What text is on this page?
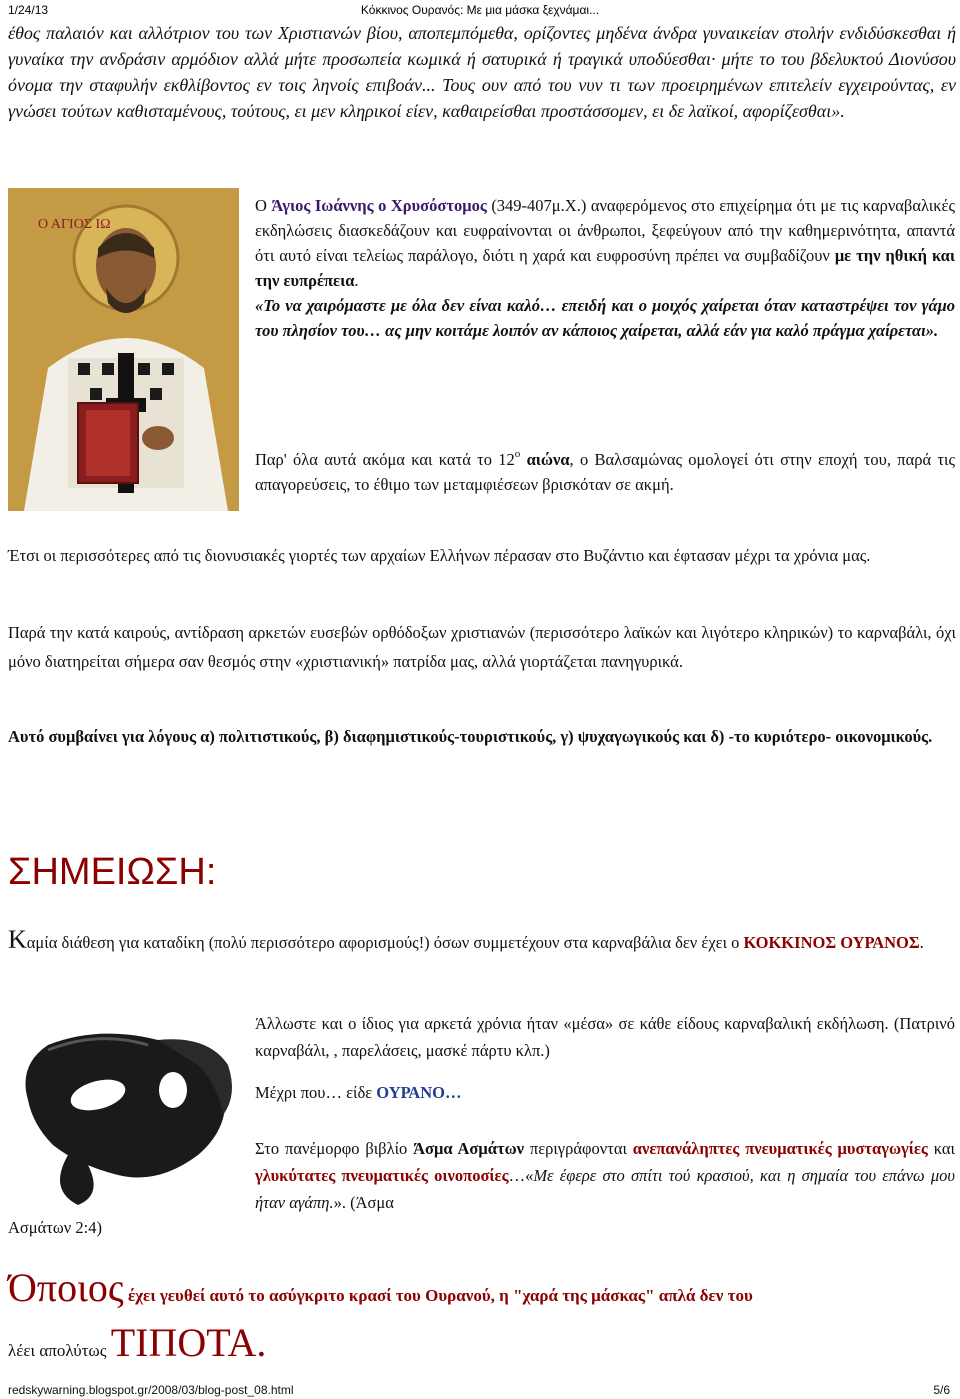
1/24/13	Κόκκινος Ουρανός: Με μια μάσκα ξεχνάμαι...
έθος παλαιόν και αλλότριον του των Χριστιανών βίου, αποπεμπόμεθα, ορίζοντες μηδένα άνδρα γυναικείαν στολήν ενδιδύσκεσθαι ή γυναίκα την ανδράσιν αρμόδιον αλλά μήτε προσωπεία κωμικά ή σατυρικά ή τραγικά υποδύεσθαι· μήτε το του βδελυκτού Διονύσου όνομα την σταφυλήν εκθλίβοντος εν τοις ληνοίς επιβοάν... Τους ουν από του νυν τι των προειρημένων επιτελείν εγχειρούντας, εν γνώσει τούτων καθισταμένους, τούτους, ει μεν κληρικοί είεν, καθαιρείσθαι προστάσσομεν, ει δε λαϊκοί, αφορίζεσθαι».
Ο ΑΓΙΟΣ ΙΩ
Ο Άγιος Ιωάννης ο Χρυσόστομος (349-407μ.Χ.) αναφερόμενος στο επιχείρημα ότι με τις καρναβαλικές εκδηλώσεις διασκεδάζουν και ευφραίνονται οι άνθρωποι, ξεφεύγουν από την καθημερινότητα, απαντά ότι αυτό είναι τελείως παράλογο, διότι η χαρά και ευφροσύνη πρέπει να συμβαδίζουν με την ηθική και την ευπρέπεια.
«Το να χαιρόμαστε με όλα δεν είναι καλό… επειδή και ο μοιχός χαίρεται όταν καταστρέψει τον γάμο του πλησίον του… ας μην κοιτάμε λοιπόν αν κάποιος χαίρεται, αλλά εάν για καλό πράγμα χαίρεται».
Παρ' όλα αυτά ακόμα και κατά το $12^o$ αιώνα, ο Βαλσαμώνας ομολογεί ότι στην εποχή του, παρά τις απαγορεύσεις, το έθιμο των μεταμφιέσεων βρισκόταν σε ακμή.
Έτσι οι περισσότερες από τις διονυσιακές γιορτές των αρχαίων Ελλήνων πέρασαν στο Βυζάντιο και έφτασαν μέχρι τα χρόνια μας.
Παρά την κατά καιρούς, αντίδραση αρκετών ευσεβών ορθόδοξων χριστιανών (περισσότερο λαϊκών και λιγότερο κληρικών) το καρναβάλι, όχι μόνο διατηρείται σήμερα σαν θεσμός στην «χριστιανική» πατρίδα μας, αλλά γιορτάζεται πανηγυρικά.
Αυτό συμβαίνει για λόγους α) πολιτιστικούς, β) διαφημιστικούς-τουριστικούς, γ) ψυχαγωγικούς και δ) -το κυριότερο- οικονομικούς.
ΣΗΜΕΙΩΣΗ:
Καμία διάθεση για καταδίκη (πολύ περισσότερο αφορισμούς!) όσων συμμετέχουν στα καρναβάλια δεν έχει ο ΚΟΚΚΙΝΟΣ ΟΥΡΑΝΟΣ.
Άλλωστε και ο ίδιος για αρκετά χρόνια ήταν «μέσα» σε κάθε είδους καρναβαλική εκδήλωση. (Πατρινό καρναβάλι, , παρελάσεις, μασκέ πάρτυ κλπ.)
Μέχρι που… είδε ΟΥΡΑΝΟ…
Στο πανέμορφο βιβλίο Άσμα Ασμάτων περιγράφονται ανεπανάληπτες πνευματικές μυσταγωγίες και γλυκύτατες πνευματικές οινοποσίες…«Με έφερε στο σπίτι τού κρασιού, και η σημαία του επάνω μου ήταν αγάπη.». (Άσμα
Ασμάτων 2:4)
Όποιος έχει γευθεί αυτό το ασύγκριτο κρασί του Ουρανού, η "χαρά της μάσκας" απλά δεν του
λέει απολύτως ΤΙΠΟΤΑ.
redskywarning.blogspot.gr/2008/03/blog-post_08.html	5/6
